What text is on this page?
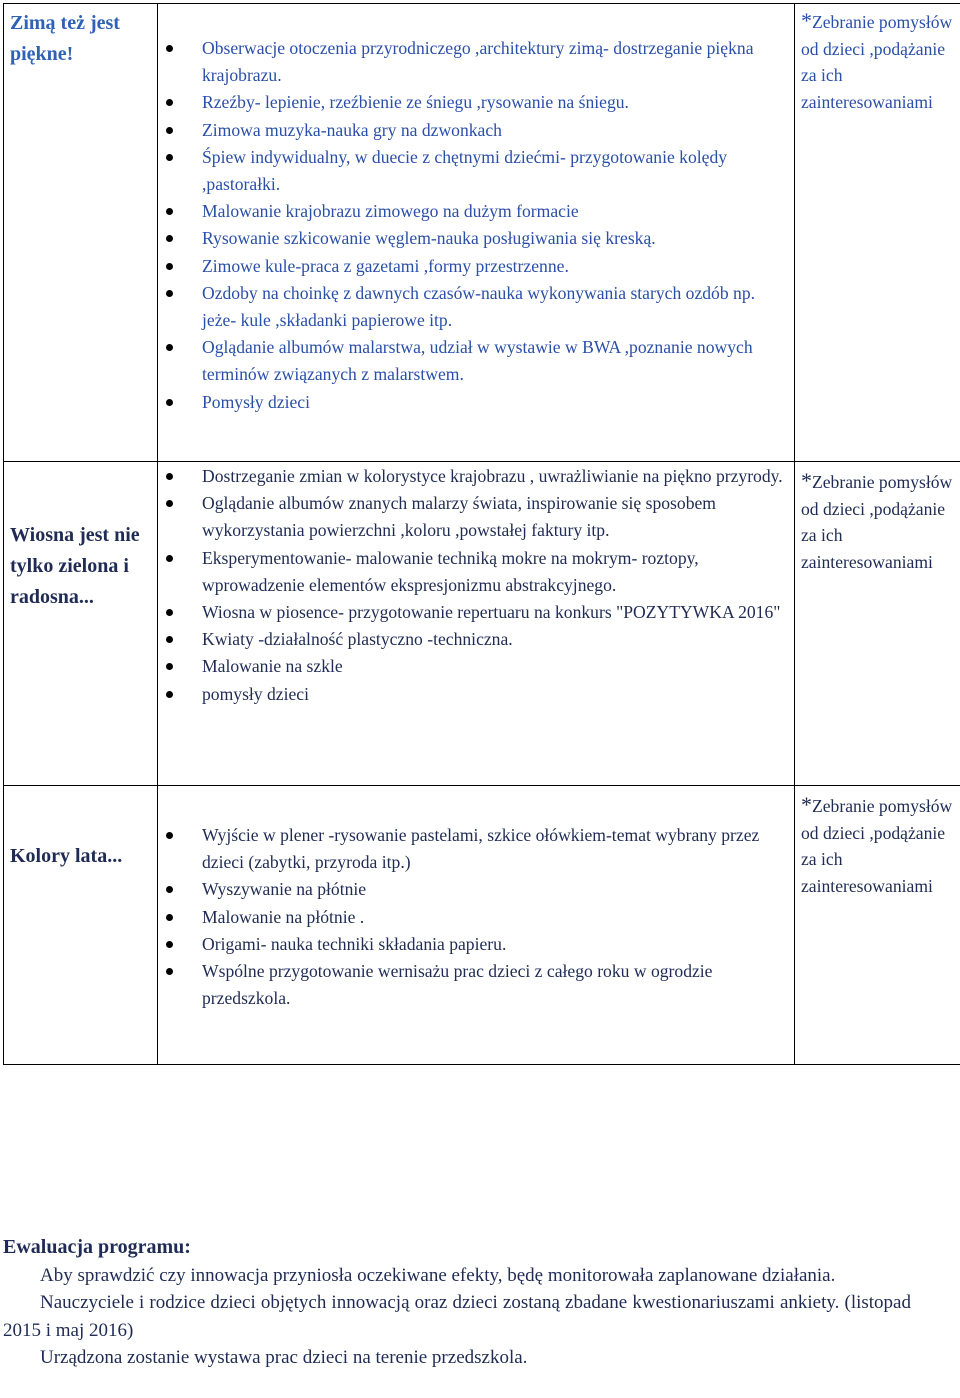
Zimą też jest piękne!	Obserwacje otoczenia przyrodniczego ,architektury zimą- dostrzeganie piękna krajobrazu.
Rzeźby- lepienie, rzeźbienie ze śniegu ,rysowanie na śniegu.
Zimowa muzyka-nauka gry na dzwonkach
Śpiew indywidualny, w duecie z chętnymi dziećmi- przygotowanie kolędy ,pastorałki.
Malowanie krajobrazu zimowego na dużym formacie
Rysowanie szkicowanie węglem-nauka posługiwania się kreską.
Zimowe kule-praca z gazetami ,formy przestrzenne.
Ozdoby na choinkę z dawnych czasów-nauka wykonywania starych ozdób np. jeże- kule ,składanki papierowe itp.
Oglądanie albumów malarstwa, udział w wystawie w BWA ,poznanie nowych terminów związanych z malarstwem.
Pomysły dzieci
*Zebranie pomysłów od dzieci ,podążanie za ich zainteresowaniami
Wiosna jest nie tylko zielona i radosna...
Dostrzeganie zmian w kolorystyce krajobrazu , uwrażliwianie na piękno przyrody.
Oglądanie albumów znanych malarzy świata, inspirowanie się sposobem wykorzystania powierzchni ,koloru ,powstałej faktury itp.
Eksperymentowanie- malowanie techniką mokre na mokrym- roztopy, wprowadzenie elementów ekspresjonizmu abstrakcyjnego.
Wiosna w piosence- przygotowanie repertuaru na konkurs "POZYTYWKA 2016"
Kwiaty -działalność plastyczno -techniczna.
Malowanie na szkle
pomysły dzieci
*Zebranie pomysłów od dzieci ,podążanie za ich zainteresowaniami
Kolory lata...
Wyjście w plener -rysowanie pastelami, szkice ołówkiem-temat wybrany przez dzieci (zabytki, przyroda itp.)
Wyszywanie na płótnie
Malowanie na płótnie .
Origami- nauka techniki składania papieru.
Wspólne przygotowanie wernisażu prac dzieci z całego roku w ogrodzie przedszkola.
*Zebranie pomysłów od dzieci ,podążanie za ich zainteresowaniami
Ewaluacja programu:

Aby sprawdzić czy innowacja przyniosła oczekiwane efekty, będę monitorowała zaplanowane działania.

Nauczyciele i rodzice dzieci objętych innowacją oraz dzieci zostaną zbadane kwestionariuszami ankiety. (listopad 2015 i maj 2016)

Urządzona zostanie wystawa prac dzieci na terenie przedszkola.
